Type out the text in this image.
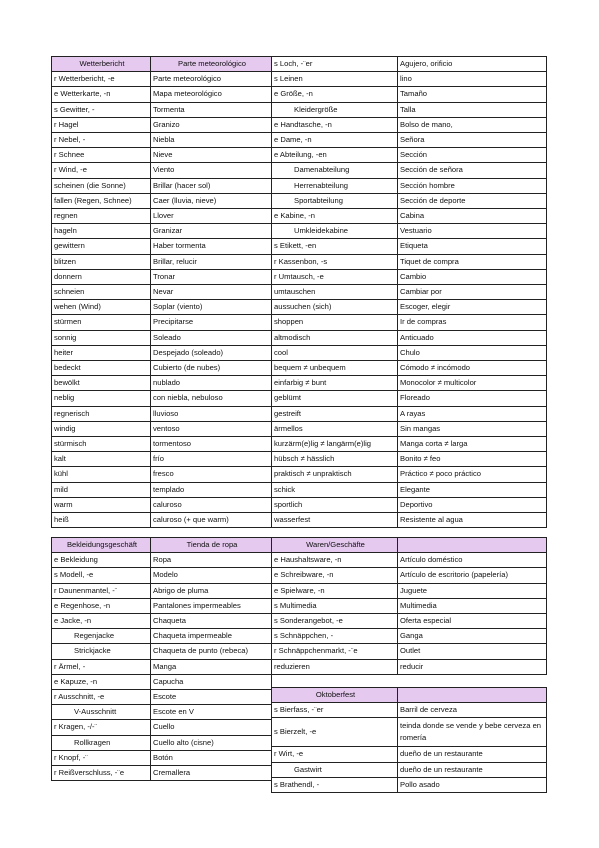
Wetterbericht	Parte meteorológico
r Wetterbericht, -e	Parte meteorológico
e Wetterkarte, -n	Mapa meteorológico
s Gewitter, -	Tormenta
r Hagel	Granizo
r Nebel, -	Niebla
r Schnee	Nieve
r Wind, -e	Viento
scheinen (die Sonne)	Brillar (hacer sol)
fallen (Regen, Schnee)	Caer (lluvia, nieve)
regnen	Llover
hageln	Granizar
gewittern	Haber tormenta
blitzen	Brillar, relucir
donnern	Tronar
schneien	Nevar
wehen (Wind)	Soplar (viento)
stürmen	Precipitarse
sonnig	Soleado
heiter	Despejado (soleado)
bedeckt	Cubierto (de nubes)
bewölkt	nublado
neblig	con niebla, nebuloso
regnerisch	lluvioso
windig	ventoso
stürmisch	tormentoso
kalt	frío
kühl	fresco
mild	templado
warm	caluroso
heiß	caluroso (+ que warm)
s Loch, -¨er	Agujero, orificio
s Leinen	lino
e Größe, -n	Tamaño
Kleidergröße	Talla
e Handtasche, -n	Bolso de mano,
e Dame, -n	Señora
e Abteilung, -en	Sección
Damenabteilung	Sección de señora
Herrenabteilung	Sección hombre
Sportabteilung	Sección de deporte
e Kabine, -n	Cabina
Umkleidekabine	Vestuario
s Etikett, -en	Etiqueta
r Kassenbon, -s	Tiquet de compra
r Umtausch, -e	Cambio
umtauschen	Cambiar por
aussuchen (sich)	Escoger, elegir
shoppen	Ir de compras
altmodisch	Anticuado
cool	Chulo
bequem ≠ unbequem	Cómodo ≠ incómodo
einfarbig ≠ bunt	Monocolor ≠ multicolor
geblümt	Floreado
gestreift	A rayas
ärmellos	Sin mangas
kurzärm(e)lig ≠ langärm(e)lig	Manga corta ≠ larga
hübsch ≠ hässlich	Bonito ≠ feo
praktisch ≠ unpraktisch	Práctico ≠ poco práctico
schick	Elegante
sportlich	Deportivo
wasserfest	Resistente al agua
Bekleidungsgeschäft	Tienda de ropa
e Bekleidung	Ropa
s Modell, -e	Modelo
r Daunenmantel, -¨	Abrigo de pluma
e Regenhose, -n	Pantalones impermeables
e Jacke, -n	Chaqueta
Regenjacke	Chaqueta impermeable
Strickjacke	Chaqueta de punto (rebeca)
r Ärmel, -	Manga
e Kapuze, -n	Capucha
r Ausschnitt, -e	Escote
V-Ausschnitt	Escote en V
r Kragen, -/-¨	Cuello
Rollkragen	Cuello alto (cisne)
r Knopf, -¨	Botón
r Reißverschluss, -¨e	Cremallera
Waren/Geschäfte	
e Haushaltsware, -n	Artículo doméstico
e Schreibware, -n	Artículo de escritorio (papelería)
e Spielware, -n	Juguete
s Multimedia	Multimedia
s Sonderangebot, -e	Oferta especial
s Schnäppchen, -	Ganga
r Schnäppchenmarkt, -¨e	Outlet
reduzieren	reducir
Oktoberfest	
s Bierfass, -¨er	Barril de cerveza
s Bierzelt, -e	teinda donde se vende y bebe cerveza en romería
r Wirt, -e	dueño de un restaurante
Gastwirt	dueño de un restaurante
s Brathendl, -	Pollo asado
